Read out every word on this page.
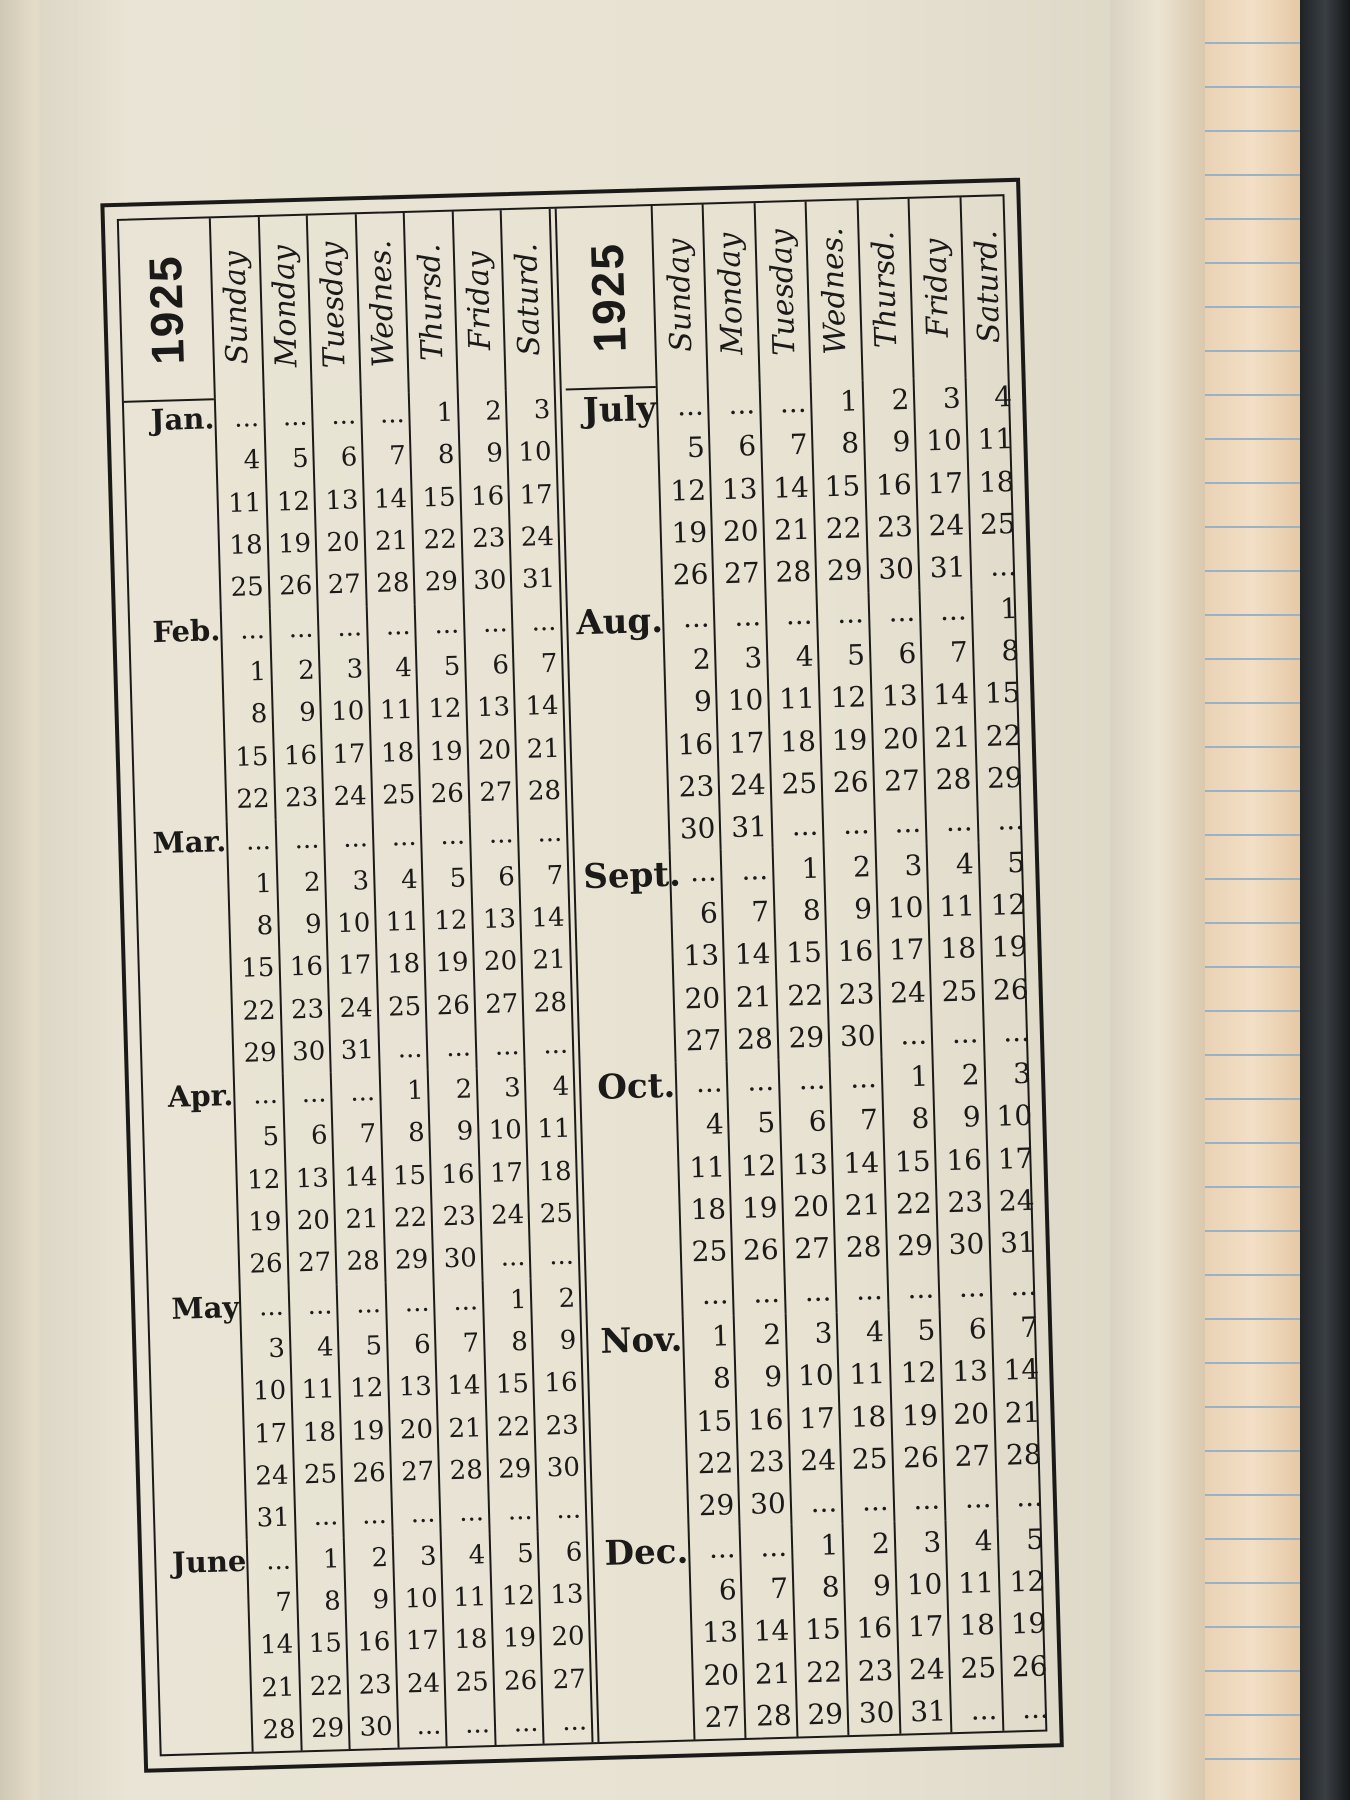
1925 Sunday Monday Tuesday Wednes. Thursd. Friday Saturd.
Jan. ...
4
11
18
25
...
5
12
19
26
...
6
13
20
27
...
7
14
21
28
1
8
15
22
29
2
9
16
23
30
3
10
17
24
31
Feb. ...
1
8
15
22
...
2
9
16
23
...
3
10
17
24
...
4
11
18
25
...
5
12
19
26
...
6
13
20
27
...
7
14
21
28
Mar. ...
1
8
15
22
29
...
2
9
16
23
30
...
3
10
17
24
31
...
4
11
18
25
...
...
5
12
19
26
...
...
6
13
20
27
...
...
7
14
21
28
...
Apr. ...
5
12
19
26
...
6
13
20
27
...
7
14
21
28
1
8
15
22
29
2
9
16
23
30
3
10
17
24
...
4
11
18
25
...
May ...
3
10
17
24
31
...
4
11
18
25
...
...
5
12
19
26
...
...
6
13
20
27
...
...
7
14
21
28
...
1
8
15
22
29
...
2
9
16
23
30
...
June ...
7
14
21
28
1
8
15
22
29
2
9
16
23
30
3
10
17
24
...
4
11
18
25
...
5
12
19
26
...
6
13
20
27
...
1925 Sunday Monday Tuesday Wednes. Thursd. Friday Saturd.
July ...
5
12
19
26
...
6
13
20
27
...
7
14
21
28
1
8
15
22
29
2
9
16
23
30
3
10
17
24
31
4
11
18
25
...
Aug. ...
2
9
16
23
30
...
3
10
17
24
31
...
4
11
18
25
...
...
5
12
19
26
...
...
6
13
20
27
...
...
7
14
21
28
...
1
8
15
22
29
...
Sept. ...
6
13
20
27
...
7
14
21
28
1
8
15
22
29
2
9
16
23
30
3
10
17
24
...
4
11
18
25
...
5
12
19
26
...
Oct. ...
4
11
18
25
...
...
5
12
19
26
...
...
6
13
20
27
...
...
7
14
21
28
...
1
8
15
22
29
...
2
9
16
23
30
...
3
10
17
24
31
...
Nov.	1
8
15
22
29
2
9
16
23
30
3
10
17
24
...
4
11
18
25
...
5
12
19
26
...
6
13
20
27
...
7
14
21
28
...
Dec. ...
6
13
20
27
...
7
14
21
28
1
8
15
22
29
2
9
16
23
30
3
10
17
24
31
4
11
18
25
...
5
12
19
26
...
